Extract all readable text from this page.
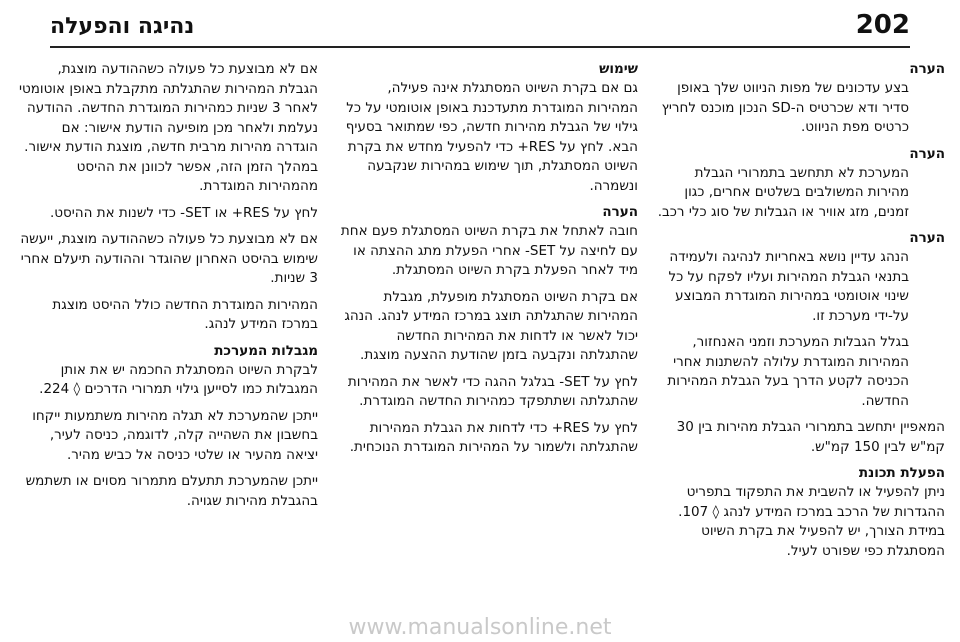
202
נהיגה והפעלה

הערה

בצע עדכונים של מפות הניווט שלך באופן סדיר ודא שכרטיס ה-SD הנכון מוכנס לחריץ כרטיס מפת הניווט.

הערה

המערכת לא תתחשב בתמרורי הגבלת מהירות המשולבים בשלטים אחרים, כגון זמנים, מזג אוויר או הגבלות של סוג כלי רכב.

הערה

הנהג עדיין נושא באחריות לנהיגה ולעמידה בתנאי הגבלת המהירות ועליו לפקח על כל שינוי אוטומטי במהירות המוגדרת המבוצע על-ידי מערכת זו.

בגלל הגבלות המערכת וזמני האנחזור, המהירות המוגדרת עלולה להשתנות אחרי הכניסה לקטע הדרך בעל הגבלת המהירות החדשה.

המאפיין יתחשב בתמרורי הגבלת מהירות בין 30 קמ"ש לבין 150 קמ"ש.

הפעלת תכונת

ניתן להפעיל או להשבית את התפקוד בתפריט ההגדרות של הרכב במרכז המידע לנהג ◊ 107. במידת הצורך, יש להפעיל את בקרת השיוט המסתגלת כפי שפורט לעיל.

שימוש

גם אם בקרת השיוט המסתגלת אינה פעילה, המהירות המוגדרת מתעדכנת באופן אוטומטי על כל גילוי של הגבלת מהירות חדשה, כפי שמתואר בסעיף הבא. לחץ על RES+ כדי להפעיל מחדש את בקרת השיוט המסתגלת, תוך שימוש במהירות שנקבעה ונשמרה.

הערה

חובה לאתחל את בקרת השיוט המסתגלת פעם אחת עם לחיצה על SET- אחרי הפעלת מתג ההצתה או מיד לאחר הפעלת בקרת השיוט המסתגלת.

אם בקרת השיוט המסתגלת מופעלת, מגבלת המהירות שהתגלתה תוצג במרכז המידע לנהג. הנהג יכול לאשר או לדחות את המהירות החדשה שהתגלתה ונקבעה בזמן שהודעת ההצעה מוצגת.

לחץ על SET- בגלגל ההגה כדי לאשר את המהירות שהתגלתה ושתתפקד כמהירות החדשה המוגדרת.

לחץ על RES+ כדי לדחות את הגבלת המהירות שהתגלתה ולשמור על המהירות המוגדרת הנוכחית.

אם לא מבוצעת כל פעולה כשההודעה מוצגת, הגבלת המהירות שהתגלתה מתקבלת באופן אוטומטי לאחר 3 שניות כמהירות המוגדרת החדשה. ההודעה נעלמת ולאחר מכן מופיעה הודעת אישור: אם הוגדרה מהירות מרבית חדשה, מוצגת הודעת אישור. במהלך הזמן הזה, אפשר לכוונן את ההיסט מהמהירות המוגדרת.

לחץ על RES+ או SET- כדי לשנות את ההיסט.

אם לא מבוצעת כל פעולה כשההודעה מוצגת, ייעשה שימוש בהיסט האחרון שהוגדר וההודעה תיעלם אחרי 3 שניות.

המהירות המוגדרת החדשה כולל ההיסט מוצגת במרכז המידע לנהג.

מגבלות המערכת

לבקרת השיוט המסתגלת החכמה יש את אותן המגבלות כמו לסייען גילוי תמרורי הדרכים ◊ 224.

ייתכן שהמערכת לא תגלה מהירות משתמעות ייקחו בחשבון את השהייה קלה, לדוגמה, כניסה לעיר, יציאה מהעיר או שלטי כניסה אל כביש מהיר.

ייתכן שהמערכת תתעלם מתמרור מסוים או תשתמש בהגבלת מהירות שגויה.

www.manualsonline.net
